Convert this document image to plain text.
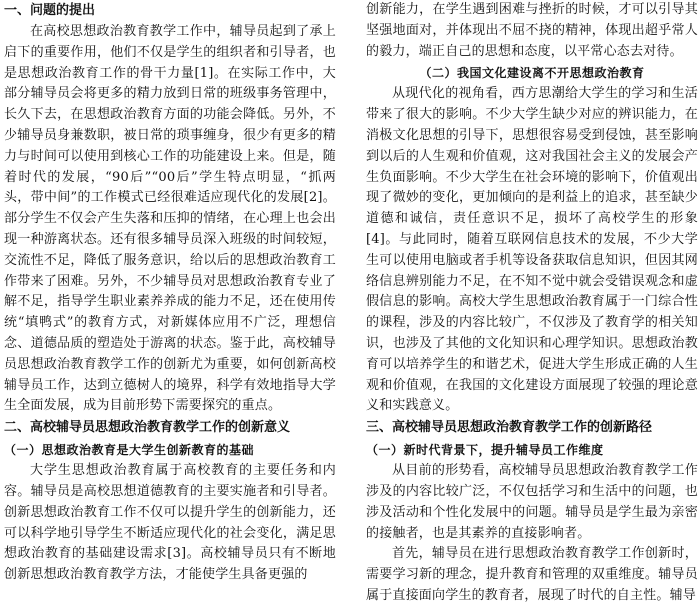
一、问题的提出

在高校思想政治教育教学工作中，辅导员起到了承上启下的重要作用，他们不仅是学生的组织者和引导者，也是思想政治教育工作的骨干力量[1]。在实际工作中，大部分辅导员会将更多的精力放到日常的班级事务管理中，长久下去，在思想政治教育方面的功能会降低。另外，不少辅导员身兼数职，被日常的琐事缠身，很少有更多的精力与时间可以使用到核心工作的功能建设上来。但是，随着时代的发展，“90后”“00后”学生特点明显，“抓两头，带中间”的工作模式已经很难适应现代化的发展[2]。部分学生不仅会产生失落和压抑的情绪，在心理上也会出现一种游离状态。还有很多辅导员深入班级的时间较短，交流性不足，降低了服务意识，给以后的思想政治教育工作带来了困难。另外，不少辅导员对思想政治教育专业了解不足，指导学生职业素养养成的能力不足，还在使用传统“填鸭式”的教育方式，对新媒体应用不广泛，理想信念、道德品质的塑造处于游离的状态。鉴于此，高校辅导员思想政治教育教学工作的创新尤为重要，如何创新高校辅导员工作，达到立德树人的境界，科学有效地指导大学生全面发展，成为目前形势下需要探究的重点。

二、高校辅导员思想政治教育教学工作的创新意义
（一）思想政治教育是大学生创新教育的基础

大学生思想政治教育属于高校教育的主要任务和内容。辅导员是高校思想道德教育的主要实施者和引导者。创新思想政治教育工作不仅可以提升学生的创新能力，还可以科学地引导学生不断适应现代化的社会变化，满足思想政治教育的基础建设需求[3]。高校辅导员只有不断地创新思想政治教育教学方法，才能使学生具备更强的

创新能力，在学生遇到困难与挫折的时候，才可以引导其坚强地面对，并体现出不屈不挠的精神，体现出超乎常人的毅力，端正自己的思想和态度，以平常心态去对待。

（二）我国文化建设离不开思想政治教育

从现代化的视角看，西方思潮给大学生的学习和生活带来了很大的影响。不少大学生缺少对应的辨识能力，在消极文化思想的引导下，思想很容易受到侵蚀，甚至影响到以后的人生观和价值观，这对我国社会主义的发展会产生负面影响。不少大学生在社会环境的影响下，价值观出现了微妙的变化，更加倾向的是利益上的追求，甚至缺少道德和诚信，责任意识不足，损坏了高校学生的形象[4]。与此同时，随着互联网信息技术的发展，不少大学生可以使用电脑或者手机等设备获取信息知识，但因其网络信息辨别能力不足，在不知不觉中就会受错误观念和虚假信息的影响。高校大学生思想政治教育属于一门综合性的课程，涉及的内容比较广，不仅涉及了教育学的相关知识，也涉及了其他的文化知识和心理学知识。思想政治教育可以培养学生的和谐艺术，促进大学生形成正确的人生观和价值观，在我国的文化建设方面展现了较强的理论意义和实践意义。

三、高校辅导员思想政治教育教学工作的创新路径
（一）新时代背景下，提升辅导员工作维度

从目前的形势看，高校辅导员思想政治教育教学工作涉及的内容比较广泛，不仅包括学习和生活中的问题，也涉及活动和个性化发展中的问题。辅导员是学生最为亲密的接触者，也是其素养的直接影响者。

首先，辅导员在进行思想政治教育教学工作创新时，需要学习新的理念，提升教育和管理的双重维度。辅导员属于直接面向学生的教育者，展现了时代的自主性。辅导
